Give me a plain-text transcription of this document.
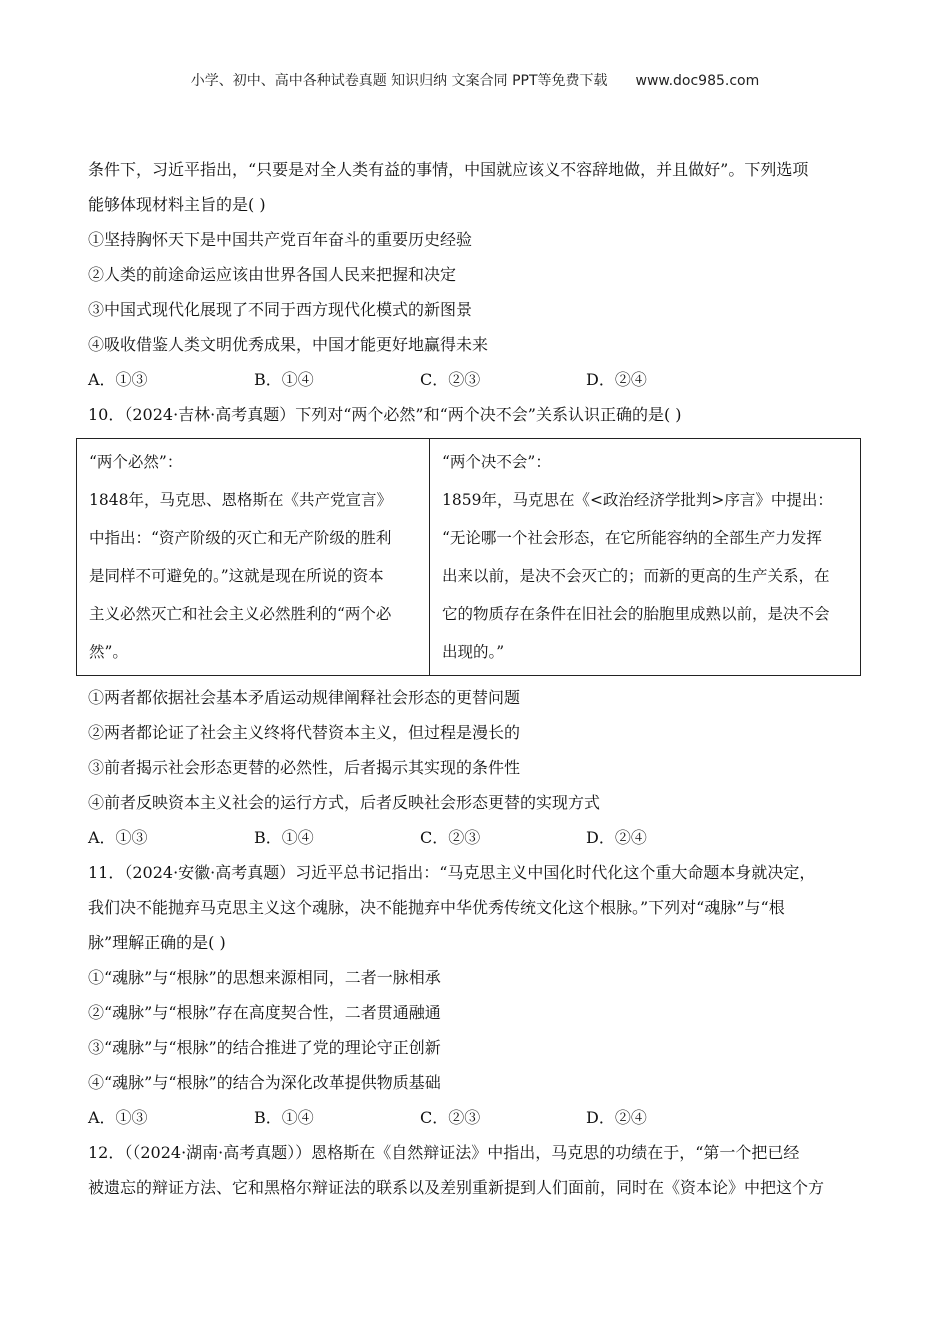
小学、初中、高中各种试卷真题 知识归纳 文案合同 PPT等免费下载 www.doc985.com
条件下，习近平指出，“只要是对全人类有益的事情，中国就应该义不容辞地做，并且做好”。下列选项
能够体现材料主旨的是( )
①坚持胸怀天下是中国共产党百年奋斗的重要历史经验
②人类的前途命运应该由世界各国人民来把握和决定
③中国式现代化展现了不同于西方现代化模式的新图景
④吸收借鉴人类文明优秀成果，中国才能更好地赢得未来
A．①③	B．①④	C．②③	D．②④
10．（2024·吉林·高考真题）下列对“两个必然”和“两个决不会”关系认识正确的是( )
“两个必然”：
1848年，马克思、恩格斯在《共产党宣言》
中指出：“资产阶级的灭亡和无产阶级的胜利
是同样不可避免的。”这就是现在所说的资本
主义必然灭亡和社会主义必然胜利的“两个必
然”。

“两个决不会”：
1859年，马克思在《<政治经济学批判>序言》中提出：
“无论哪一个社会形态，在它所能容纳的全部生产力发挥
出来以前，是决不会灭亡的；而新的更高的生产关系，在
它的物质存在条件在旧社会的胎胞里成熟以前，是决不会
出现的。”
①两者都依据社会基本矛盾运动规律阐释社会形态的更替问题
②两者都论证了社会主义终将代替资本主义，但过程是漫长的
③前者揭示社会形态更替的必然性，后者揭示其实现的条件性
④前者反映资本主义社会的运行方式，后者反映社会形态更替的实现方式
A．①③	B．①④	C．②③	D．②④
11．（2024·安徽·高考真题）习近平总书记指出：“马克思主义中国化时代化这个重大命题本身就决定，
我们决不能抛弃马克思主义这个魂脉，决不能抛弃中华优秀传统文化这个根脉。”下列对“魂脉”与“根
脉”理解正确的是( )
①“魂脉”与“根脉”的思想来源相同，二者一脉相承
②“魂脉”与“根脉”存在高度契合性，二者贯通融通
③“魂脉”与“根脉”的结合推进了党的理论守正创新
④“魂脉”与“根脉”的结合为深化改革提供物质基础
A．①③	B．①④	C．②③	D．②④
12．（（2024·湖南·高考真题））恩格斯在《自然辩证法》中指出，马克思的功绩在于，“第一个把已经
被遗忘的辩证方法、它和黑格尔辩证法的联系以及差别重新提到人们面前，同时在《资本论》中把这个方
